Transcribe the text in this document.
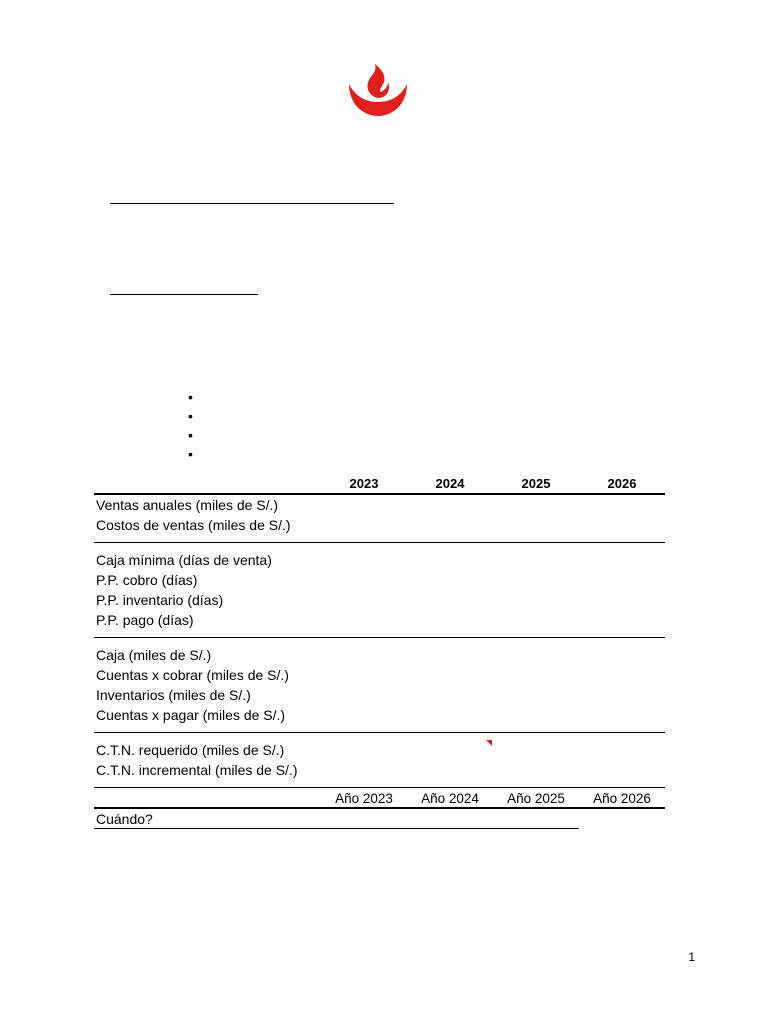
•
•
•
•
2023	2024	2025	2026
Ventas anuales (miles de S/.)
Costos de ventas (miles de S/.)
Caja mínima (días de venta)
P.P. cobro (días)
P.P. inventario (días)
P.P. pago (días)
Caja (miles de S/.)
Cuentas x cobrar (miles de S/.)
Inventarios (miles de S/.)
Cuentas x pagar (miles de S/.)
C.T.N. requerido (miles de S/.)
C.T.N. incremental (miles de S/.)
Año 2023	Año 2024	Año 2025	Año 2026
Cuándo?
1
